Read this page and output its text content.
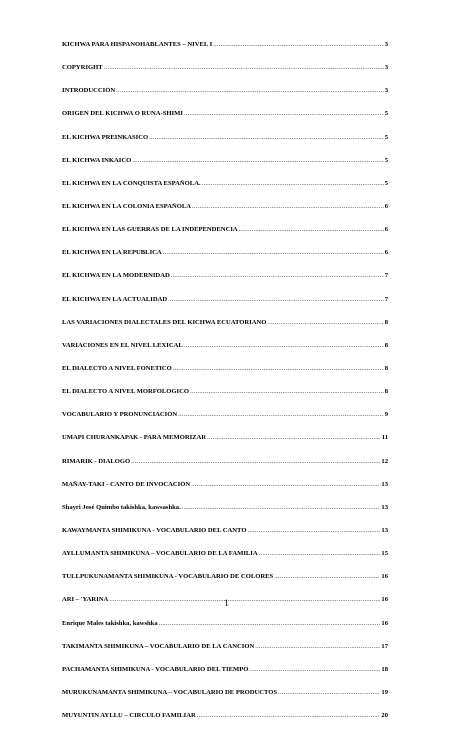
KICHWA PARA HISPANOHABLANTES – NIVEL I .....	3
COPYRIGHT .....	3
INTRODUCCIÓN .....	3
ORIGEN DEL KICHWA O RUNA-SHIMI .....	5
EL KICHWA PREINKASICO .....	5
EL KICHWA INKAICO .....	5
EL KICHWA EN LA CONQUISTA ESPAÑOLA. .....	5
EL KICHWA EN LA COLONIA ESPAÑOLA .....	6
EL KICHWA EN LAS GUERRAS DE LA INDEPENDENCIA .....	6
EL KICHWA EN LA REPUBLICA .....	6
EL KICHWA EN LA MODERNIDAD .....	7
EL KICHWA EN LA ACTUALIDAD .....	7
LAS VARIACIONES DIALECTALES DEL KICHWA ECUATORIANO .....	8
VARIACIONES EN EL NIVEL LEXICAL .....	8
EL DIALECTO A NIVEL FONETICO .....	8
EL DIALECTO A NIVEL MORFOLOGICO .....	8
VOCABULARIO Y PRONUNCIACIÓN .....	9
UMAPI CHURANKAPAK - PARA MEMORIZAR .....	11
RIMARIK - DIALOGO .....	12
MAÑAY-TAKI - CANTO DE INVOCACIÓN .....	13
Shayri José Quimbo takishka, kawsashka. .....	13
KAWAYMANTA SHIMIKUNA - VOCABULARIO DEL CANTO .....	13
AYLLUMANTA SHIMIKUNA – VOCABULARIO DE LA FAMILIA .....	15
TULLPUKUNAMANTA SHIMIKUNA - VOCABULARIO DE COLORES .....	16
ARI – 'YARINA .....	16
Enrique Males takishka, kawshka .....	16
TAKIMANTA SHIMIKUNA – VOCABULARIO DE LA CANCION .....	17
PACHAMANTA SHIMIKUNA - VOCABULARIO DEL TIEMPO .....	18
MURUKUNAMANTA SHIMIKUNA – VOCABULARIO DE PRODUCTOS .....	19
MUYUNTIN AYLLU – CIRCULO FAMILIAR .....	20
1
